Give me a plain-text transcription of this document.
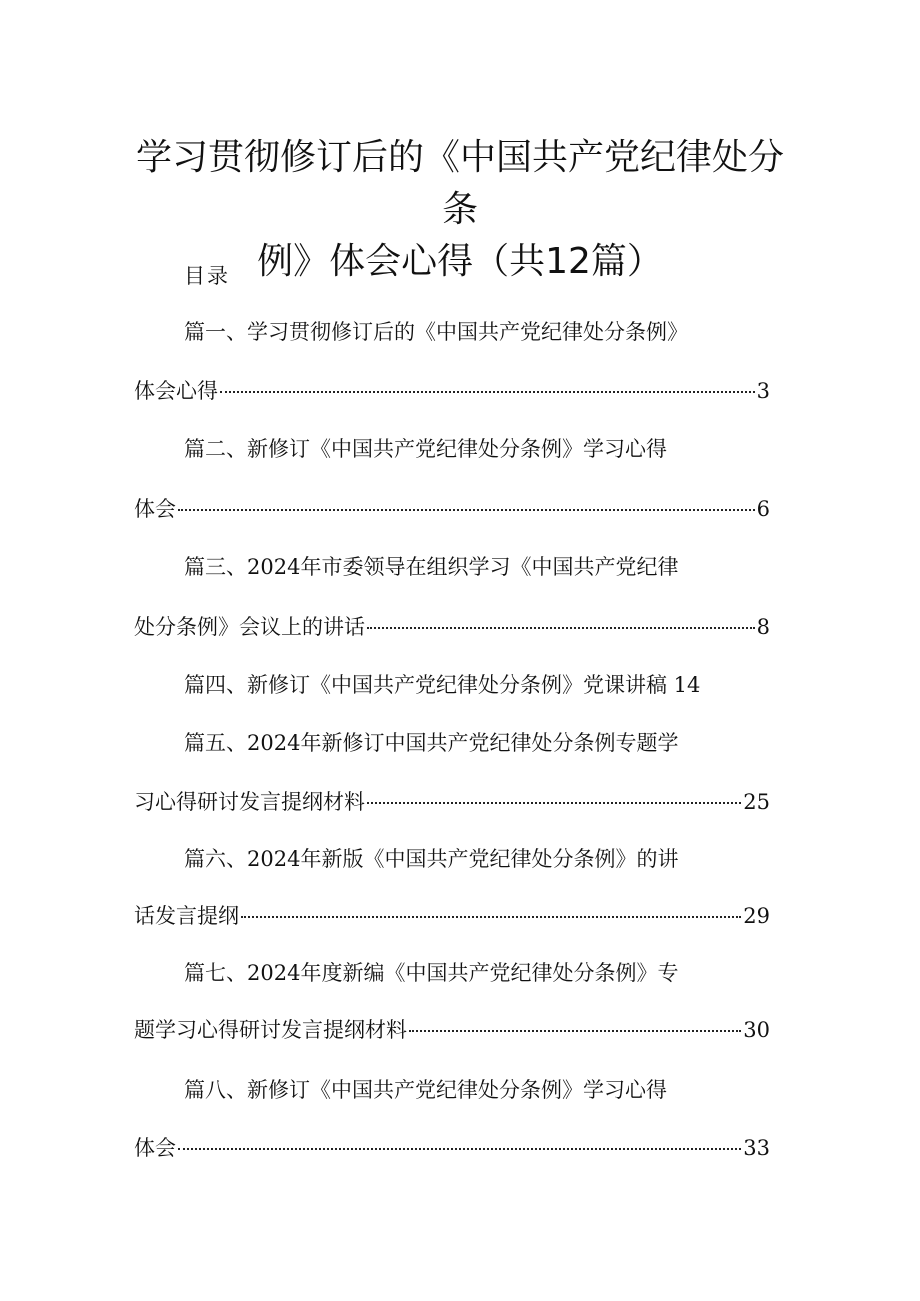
学习贯彻修订后的《中国共产党纪律处分条
例》体会心得（共12篇）
目录
篇一、学习贯彻修订后的《中国共产党纪律处分条例》
体会心得	3
篇二、新修订《中国共产党纪律处分条例》学习心得
体会	6
篇三、2024年市委领导在组织学习《中国共产党纪律
处分条例》会议上的讲话	8
篇四、新修订《中国共产党纪律处分条例》党课讲稿 14
篇五、2024年新修订中国共产党纪律处分条例专题学
习心得研讨发言提纲材料	25
篇六、2024年新版《中国共产党纪律处分条例》的讲
话发言提纲	29
篇七、2024年度新编《中国共产党纪律处分条例》专
题学习心得研讨发言提纲材料	30
篇八、新修订《中国共产党纪律处分条例》学习心得
体会	33
